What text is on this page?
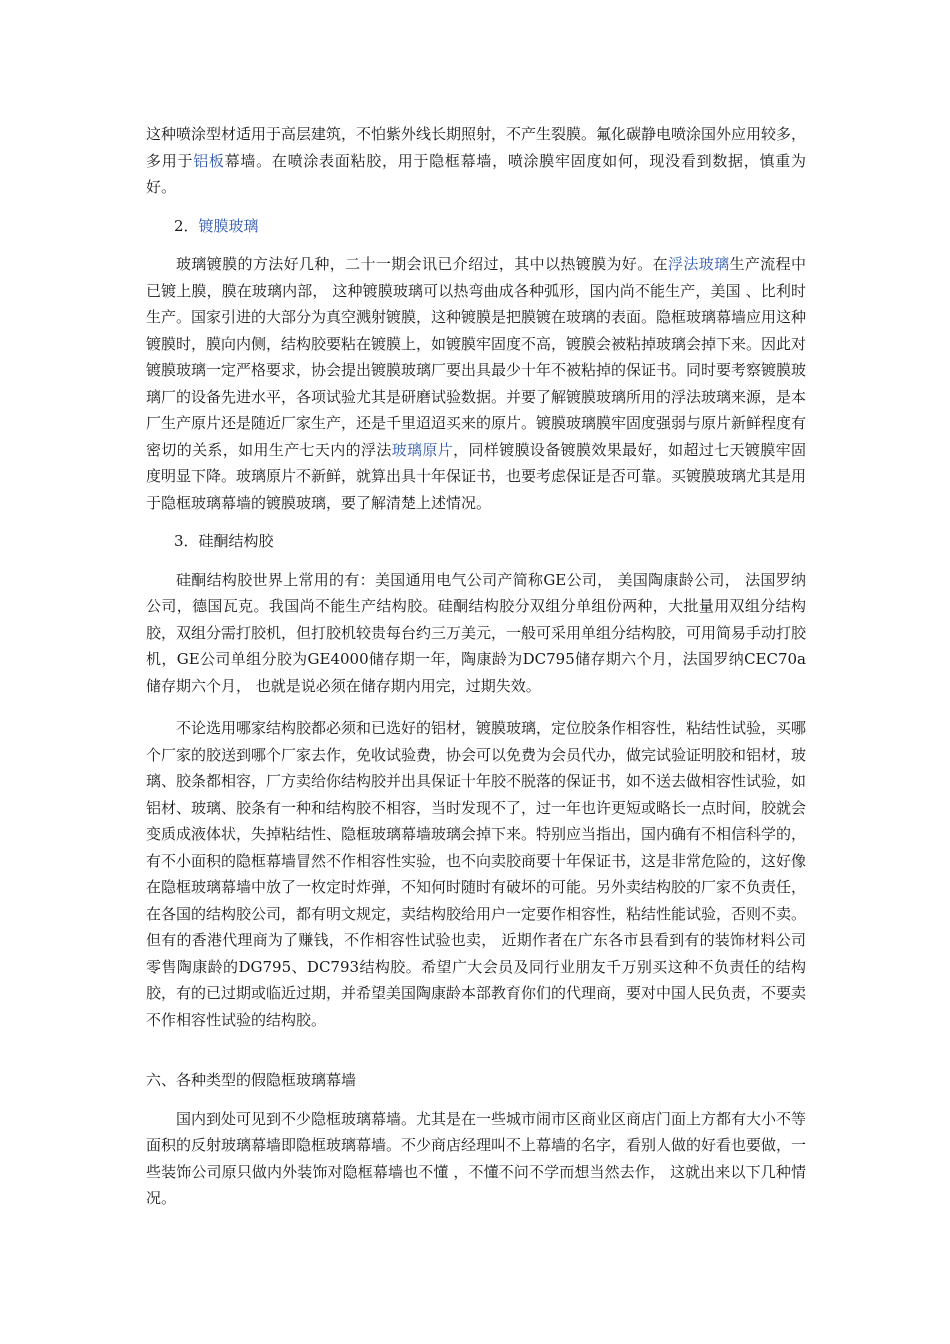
这种喷涂型材适用于高层建筑，不怕紫外线长期照射，不产生裂膜。氟化碳静电喷涂国外应用较多，多用于铝板幕墙。在喷涂表面粘胶，用于隐框幕墙，喷涂膜牢固度如何，现没看到数据，慎重为好。

2．镀膜玻璃

玻璃镀膜的方法好几种，二十一期会讯已介绍过，其中以热镀膜为好。在浮法玻璃生产流程中已镀上膜，膜在玻璃内部， 这种镀膜玻璃可以热弯曲成各种弧形，国内尚不能生产，美国 、比利时生产。国家引进的大部分为真空溅射镀膜，这种镀膜是把膜镀在玻璃的表面。隐框玻璃幕墙应用这种镀膜时，膜向内侧，结构胶要粘在镀膜上，如镀膜牢固度不高，镀膜会被粘掉玻璃会掉下来。因此对镀膜玻璃一定严格要求，协会提出镀膜玻璃厂要出具最少十年不被粘掉的保证书。同时要考察镀膜玻璃厂的设备先进水平，各项试验尤其是研磨试验数据。并要了解镀膜玻璃所用的浮法玻璃来源，是本厂生产原片还是随近厂家生产，还是千里迢迢买来的原片。镀膜玻璃膜牢固度强弱与原片新鲜程度有密切的关系，如用生产七天内的浮法玻璃原片，同样镀膜设备镀膜效果最好，如超过七天镀膜牢固度明显下降。玻璃原片不新鲜，就算出具十年保证书，也要考虑保证是否可靠。买镀膜玻璃尤其是用于隐框玻璃幕墙的镀膜玻璃，要了解清楚上述情况。

3．硅酮结构胶

硅酮结构胶世界上常用的有：美国通用电气公司产简称GE公司， 美国陶康龄公司， 法国罗纳公司，德国瓦克。我国尚不能生产结构胶。硅酮结构胶分双组分单组份两种，大批量用双组分结构胶，双组分需打胶机，但打胶机较贵每台约三万美元，一般可采用单组分结构胶，可用简易手动打胶机，GE公司单组分胶为GE4000储存期一年，陶康龄为DC795储存期六个月，法国罗纳CEC70a储存期六个月， 也就是说必须在储存期内用完，过期失效。

不论选用哪家结构胶都必须和已选好的铝材，镀膜玻璃，定位胶条作相容性，粘结性试验，买哪个厂家的胶送到哪个厂家去作，免收试验费，协会可以免费为会员代办，做完试验证明胶和铝材，玻璃、胶条都相容，厂方卖给你结构胶并出具保证十年胶不脱落的保证书，如不送去做相容性试验，如铝材、玻璃、胶条有一种和结构胶不相容，当时发现不了，过一年也许更短或略长一点时间，胶就会变质成液体状，失掉粘结性、隐框玻璃幕墙玻璃会掉下来。特别应当指出，国内确有不相信科学的，有不小面积的隐框幕墙冒然不作相容性实验，也不向卖胶商要十年保证书，这是非常危险的，这好像在隐框玻璃幕墙中放了一枚定时炸弹，不知何时随时有破坏的可能。另外卖结构胶的厂家不负责任，在各国的结构胶公司，都有明文规定，卖结构胶给用户一定要作相容性，粘结性能试验，否则不卖。但有的香港代理商为了赚钱，不作相容性试验也卖， 近期作者在广东各市县看到有的装饰材料公司零售陶康龄的DG795、DC793结构胶。希望广大会员及同行业朋友千万别买这种不负责任的结构胶，有的已过期或临近过期，并希望美国陶康龄本部教育你们的代理商，要对中国人民负责，不要卖不作相容性试验的结构胶。

六、各种类型的假隐框玻璃幕墙

国内到处可见到不少隐框玻璃幕墙。尤其是在一些城市闹市区商业区商店门面上方都有大小不等面积的反射玻璃幕墙即隐框玻璃幕墙。不少商店经理叫不上幕墙的名字，看别人做的好看也要做，一些装饰公司原只做内外装饰对隐框幕墙也不懂 ，不懂不问不学而想当然去作， 这就出来以下几种情况。
